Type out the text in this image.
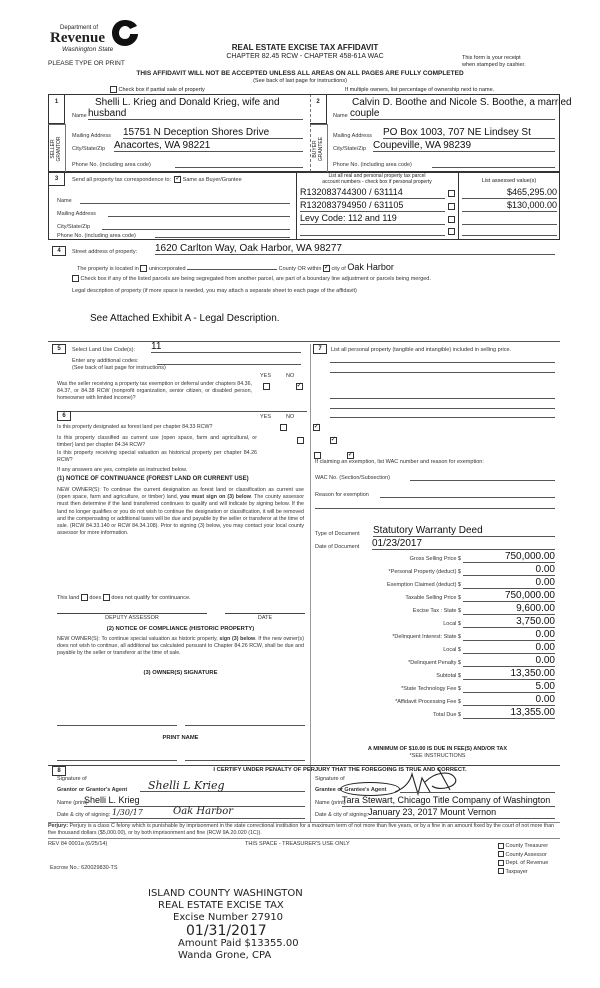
Department of
Revenue
Washington State
PLEASE TYPE OR PRINT
REAL ESTATE EXCISE TAX AFFIDAVIT
CHAPTER 82.45 RCW - CHAPTER 458-61A WAC	This form is your receipt
when stamped by cashier.
THIS AFFIDAVIT WILL NOT BE ACCEPTED UNLESS ALL AREAS ON ALL PAGES ARE FULLY COMPLETED
(See back of last page for instructions)
Check box if partial sale of property	If multiple owners, list percentage of ownership next to name.
1
SELLER GRANTOR
Shelli L. Krieg and Donald Krieg, wife and
Name husband
Mailing Address 15751 N Deception Shores Drive
City/State/Zip Anacortes, WA 98221
Phone No. (including area code)
2
BUYER GRANTEE
Calvin D. Boothe and Nicole S. Boothe, a married
Name couple
Mailing Address PO Box 1003, 707 NE Lindsey St
City/State/Zip Coupeville, WA 98239
Phone No. (including area code)
3	Send all property tax correspondence to: ✓ Same as Buyer/Grantee
List all real and personal property tax parcel
account numbers - check box if personal property	List assessed value(s)
Name
Mailing Address
City/State/Zip
Phone No. (including area code)
R132083744300 / 631114	$465,295.00
R132083794950 / 631105	$130,000.00
Levy Code: 112 and 119
4	Street address of property: 1620 Carlton Way, Oak Harbor, WA 98277
The property is located in unincorporated	County OR within ✓ city of Oak Harbor
Check box if any of the listed parcels are being segregated from another parcel, are part of a boundary line adjustment or parcels being merged.
Legal description of property (if more space is needed, you may attach a separate sheet to each page of the affidavit)
See Attached Exhibit A - Legal Description.
5	Select Land Use Code(s): 11
Enter any additional codes:
(See back of last page for instructions)
YES	NO
Was the seller receiving a property tax exemption or deferral under chapters 84.36, 84.37, or 84.38 RCW (nonprofit organization, senior citizen, or disabled person, homeowner with limited income)?
✓
6	YES	NO
Is this property designated as forest land per chapter 84.33 RCW?
✓
Is this property classified as current use (open space, farm and agricultural, or timber) land per chapter 84.34 RCW?
✓
Is this property receiving special valuation as historical property per chapter 84.26 RCW?
✓
If any answers are yes, complete as instructed below.
(1) NOTICE OF CONTINUANCE (FOREST LAND OR CURRENT USE)
NEW OWNER(S): To continue the current designation as forest land or classification as current use (open space, farm and agriculture, or timber) land, you must sign on (3) below. The county assessor must then determine if the land transferred continues to qualify and will indicate by signing below. If the land no longer qualifies or you do not wish to continue the designation or classification, it will be removed and the compensating or additional taxes will be due and payable by the seller or transferor at the time of sale. (RCW 84.33.140 or RCW 84.34.108). Prior to signing (3) below, you may contact your local county assessor for more information.
This land does does not qualify for continuance.
DEPUTY ASSESSOR	DATE
(2) NOTICE OF COMPLIANCE (HISTORIC PROPERTY)
NEW OWNER(S): To continue special valuation as historic property, sign (3) below. If the new owner(s) does not wish to continue, all additional tax calculated pursuant to Chapter 84.26 RCW, shall be due and payable by the seller or transferor at the time of sale.
(3) OWNER(S) SIGNATURE
PRINT NAME
7	List all personal property (tangible and intangible) included in selling price.
If claiming an exemption, list WAC number and reason for exemption:
WAC No. (Section/Subsection)
Reason for exemption
Type of Document Statutory Warranty Deed
Date of Document 01/23/2017
Gross Selling Price $	750,000.00
*Personal Property (deduct) $	0.00
Exemption Claimed (deduct) $	0.00
Taxable Selling Price $	750,000.00
Excise Tax : State $	9,600.00
Local $	3,750.00
*Delinquent Interest: State $	0.00
Local $	0.00
*Delinquent Penalty $	0.00
Subtotal $	13,350.00
*State Technology Fee $	5.00
*Affidavit Processing Fee $	0.00
Total Due $	13,355.00
A MINIMUM OF $10.00 IS DUE IN FEE(S) AND/OR TAX
*SEE INSTRUCTIONS
8	I CERTIFY UNDER PENALTY OF PERJURY THAT THE FOREGOING IS TRUE AND CORRECT.
Signature of
Grantor or Grantor's Agent	Shelli L Krieg
Name (print)
Shelli L. Krieg
Date & city of signing: 1/30/17	Oak Harbor
Signature of
Grantee or Grantee's Agent
Name (print)
Tara Stewart, Chicago Title Company of Washington
Date & city of signing: January 23, 2017 Mount Vernon
Perjury: Perjury is a class C felony which is punishable by imprisonment in the state correctional institution for a maximum term of not more than five years, or by a fine in an amount fixed by the court of not more than five thousand dollars ($5,000.00), or by both imprisonment and fine (RCW 9A.20.020 (1C)).
REV 84 0001a (6/25/14)	THIS SPACE - TREASURER'S USE ONLY
Escrow No.: 620029830-TS
County Treasurer
County Assessor
Dept. of Revenue
Taxpayer
ISLAND COUNTY WASHINGTON
REAL ESTATE EXCISE TAX
Excise Number 27910
01/31/2017
Amount Paid $13355.00
Wanda Grone, CPA
